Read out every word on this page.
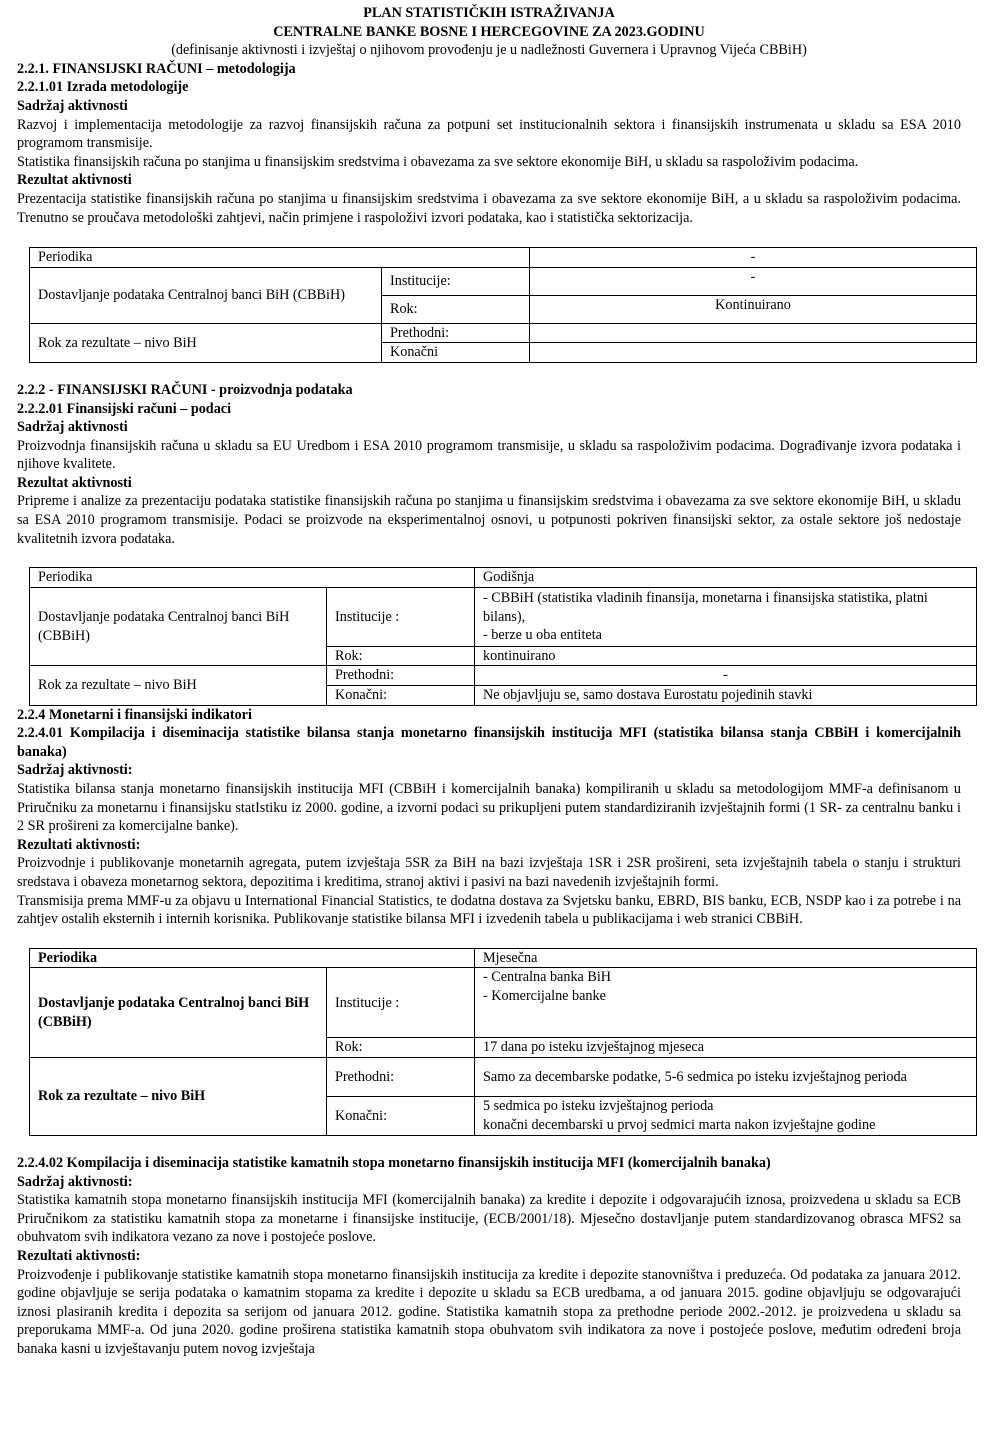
PLAN STATISTIČKIH ISTRAŽIVANJA
CENTRALNE BANKE BOSNE I HERCEGOVINE ZA 2023.GODINU
(definisanje aktivnosti i izvještaj o njihovom provođenju je u nadležnosti Guvernera i Upravnog Vijeća CBBiH)
2.2.1. FINANSIJSKI RAČUNI – metodologija
2.2.1.01 Izrada metodologije
Sadržaj aktivnosti

Razvoj i implementacija metodologije za razvoj finansijskih računa za potpuni set institucionalnih sektora i finansijskih instrumenata u skladu sa ESA 2010 programom transmisije.

Statistika finansijskih računa po stanjima u finansijskim sredstvima i obavezama za sve sektore ekonomije BiH, u skladu sa raspoloživim podacima.

Rezultat aktivnosti

Prezentacija statistike finansijskih računa po stanjima u finansijskim sredstvima i obavezama za sve sektore ekonomije BiH, a u skladu sa raspoloživim podacima. Trenutno se proučava metodološki zahtjevi, način primjene i raspoloživi izvori podataka, kao i statistička sektorizacija.

Periodika		-
Dostavljanje podataka Centralnoj banci BiH (CBBiH)	Institucije:	-
	Rok:	Kontinuirano
Rok za rezultate – nivo BiH	Prethodni:	
	Konačni	
2.2.2 - FINANSIJSKI RAČUNI - proizvodnja podataka
2.2.2.01 Finansijski računi – podaci
Sadržaj aktivnosti

Proizvodnja finansijskih računa u skladu sa EU Uredbom i ESA 2010 programom transmisije, u skladu sa raspoloživim podacima. Dograđivanje izvora podataka i njihove kvalitete.

Rezultat aktivnosti

Pripreme i analize za prezentaciju podataka statistike finansijskih računa po stanjima u finansijskim sredstvima i obavezama za sve sektore ekonomije BiH, u skladu sa ESA 2010 programom transmisije. Podaci se proizvode na eksperimentalnoj osnovi, u potpunosti pokriven finansijski sektor, za ostale sektore još nedostaje kvalitetnih izvora podataka.

Periodika		Godišnja
Dostavljanje podataka Centralnoj banci BiH (CBBiH)	Institucije :	- CBBiH (statistika vladinih finansija, monetarna i finansijska statistika, platni bilans),
- berze u oba entiteta

	Rok:	kontinuirano
Rok za rezultate – nivo BiH	Prethodni:	-
	Konačni:	Ne objavljuju se, samo dostava Eurostatu pojedinih stavki
2.2.4 Monetarni i finansijski indikatori

2.2.4.01 Kompilacija i diseminacija statistike bilansa stanja monetarno finansijskih institucija MFI (statistika bilansa stanja CBBiH i komercijalnih banaka)

Sadržaj aktivnosti:

Statistika bilansa stanja monetarno finansijskih institucija MFI (CBBiH i komercijalnih banaka) kompiliranih u skladu sa metodologijom MMF-a definisanom u Priručniku za monetarnu i finansijsku statIstiku iz 2000. godine, a izvorni podaci su prikupljeni putem standardiziranih izvještajnih formi (1 SR- za centralnu banku i 2 SR prošireni za komercijalne banke).

Rezultati aktivnosti:

Proizvodnje i publikovanje monetarnih agregata, putem izvještaja 5SR za BiH na bazi izvještaja 1SR i 2SR prošireni, seta izvještajnih tabela o stanju i strukturi sredstava i obaveza monetarnog sektora, depozitima i kreditima, stranoj aktivi i pasivi na bazi navedenih izvještajnih formi.

Transmisija prema MMF-u za objavu u International Financial Statistics, te dodatna dostava za Svjetsku banku, EBRD, BIS banku, ECB, NSDP kao i za potrebe i na zahtjev ostalih eksternih i internih korisnika. Publikovanje statistike bilansa MFI i izvedenih tabela u publikacijama i web stranici CBBiH.

Periodika		Mjesečna
Dostavljanje podataka Centralnoj banci BiH (CBBiH)	Institucije :	- Centralna banka BiH
- Komercijalne banke

	Rok:	17 dana po isteku izvještajnog mjeseca
Rok za rezultate – nivo BiH	Prethodni:	Samo za decembarske podatke, 5-6 sedmica po isteku izvještajnog perioda
	Konačni:	5 sedmica po isteku izvještajnog perioda
konačni decembarski u prvoj sedmici marta nakon izvještajne godine

2.2.4.02 Kompilacija i diseminacija statistike kamatnih stopa monetarno finansijskih institucija MFI (komercijalnih banaka)

Sadržaj aktivnosti:

Statistika kamatnih stopa monetarno finansijskih institucija MFI (komercijalnih banaka) za kredite i depozite i odgovarajućih iznosa, proizvedena u skladu sa ECB Priručnikom za statistiku kamatnih stopa za monetarne i finansijske institucije, (ECB/2001/18). Mjesečno dostavljanje putem standardizovanog obrasca MFS2 sa obuhvatom svih indikatora vezano za nove i postojeće poslove.

Rezultati aktivnosti:

Proizvođenje i publikovanje statistike kamatnih stopa monetarno finansijskih institucija za kredite i depozite stanovništva i preduzeća. Od podataka za januara 2012. godine objavljuje se serija podataka o kamatnim stopama za kredite i depozite u skladu sa ECB uredbama, a od januara 2015. godine objavljuju se odgovarajući iznosi plasiranih kredita i depozita sa serijom od januara 2012. godine. Statistika kamatnih stopa za prethodne periode 2002.-2012. je proizvedena u skladu sa preporukama MMF-a. Od juna 2020. godine proširena statistika kamatnih stopa obuhvatom svih indikatora za nove i postojeće poslove, međutim određeni broja banaka kasni u izvještavanju putem novog izvještaja
